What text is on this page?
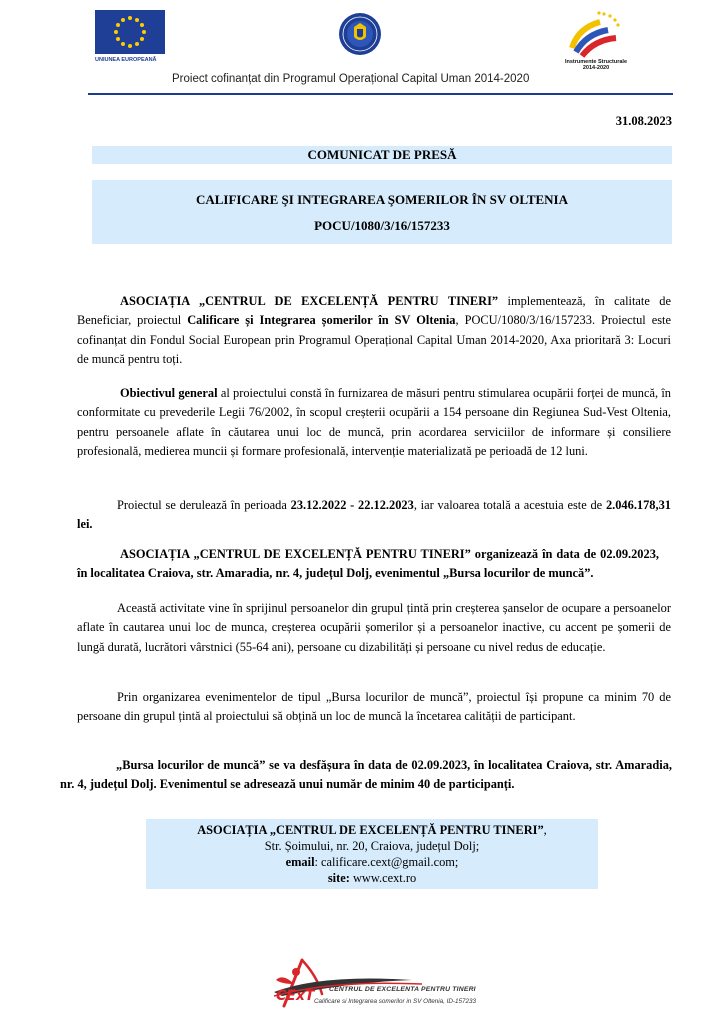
UNIUNEA EUROPEANĂ	Instrumente Structurale
2014-2020
Proiect cofinanțat din Programul Operațional Capital Uman 2014-2020
31.08.2023
COMUNICAT DE PRESĂ
CALIFICARE ŞI INTEGRAREA ŞOMERILOR ÎN SV OLTENIA
POCU/1080/3/16/157233

ASOCIAȚIA „CENTRUL DE EXCELENȚĂ PENTRU TINERI” implementează, în calitate de Beneficiar, proiectul Calificare și Integrarea șomerilor în SV Oltenia, POCU/1080/3/16/157233. Proiectul este cofinanțat din Fondul Social European prin Programul Operațional Capital Uman 2014-2020, Axa prioritară 3: Locuri de muncă pentru toți.

Obiectivul general al proiectului constă în furnizarea de măsuri pentru stimularea ocupării forței de muncă, în conformitate cu prevederile Legii 76/2002, în scopul creșterii ocupării a 154 persoane din Regiunea Sud-Vest Oltenia, pentru persoanele aflate în căutarea unui loc de muncă, prin acordarea serviciilor de informare și consiliere profesională, medierea muncii și formare profesională, intervenție materializată pe perioadă de 12 luni.

Proiectul se derulează în perioada 23.12.2022 - 22.12.2023, iar valoarea totală a acestuia este de 2.046.178,31 lei.

ASOCIAȚIA „CENTRUL DE EXCELENȚĂ PENTRU TINERI” organizează în data de 02.09.2023, în localitatea Craiova, str. Amaradia, nr. 4, județul Dolj, evenimentul „Bursa locurilor de muncă”.

Această activitate vine în sprijinul persoanelor din grupul țintă prin creșterea șanselor de ocupare a persoanelor aflate în cautarea unui loc de munca, creșterea ocupării șomerilor și a persoanelor inactive, cu accent pe șomerii de lungă durată, lucrători vârstnici (55-64 ani), persoane cu dizabilități și persoane cu nivel redus de educație.

Prin organizarea evenimentelor de tipul „Bursa locurilor de muncă”, proiectul își propune ca minim 70 de persoane din grupul țintă al proiectului să obțină un loc de muncă la încetarea calității de participant.

„Bursa locurilor de muncă” se va desfășura în data de 02.09.2023, în localitatea Craiova, str. Amaradia, nr. 4, județul Dolj. Evenimentul se adresează unui număr de minim 40 de participanți.

ASOCIAȚIA „CENTRUL DE EXCELENȚĂ PENTRU TINERI”,
Str. Șoimului, nr. 20, Craiova, județul Dolj;
email: calificare.cext@gmail.com;
site: www.cext.ro
CExT CENTRUL DE EXCELENTA PENTRU TINERI
Calificare si Integrarea somerilor in SV Oltenia, ID-157233
